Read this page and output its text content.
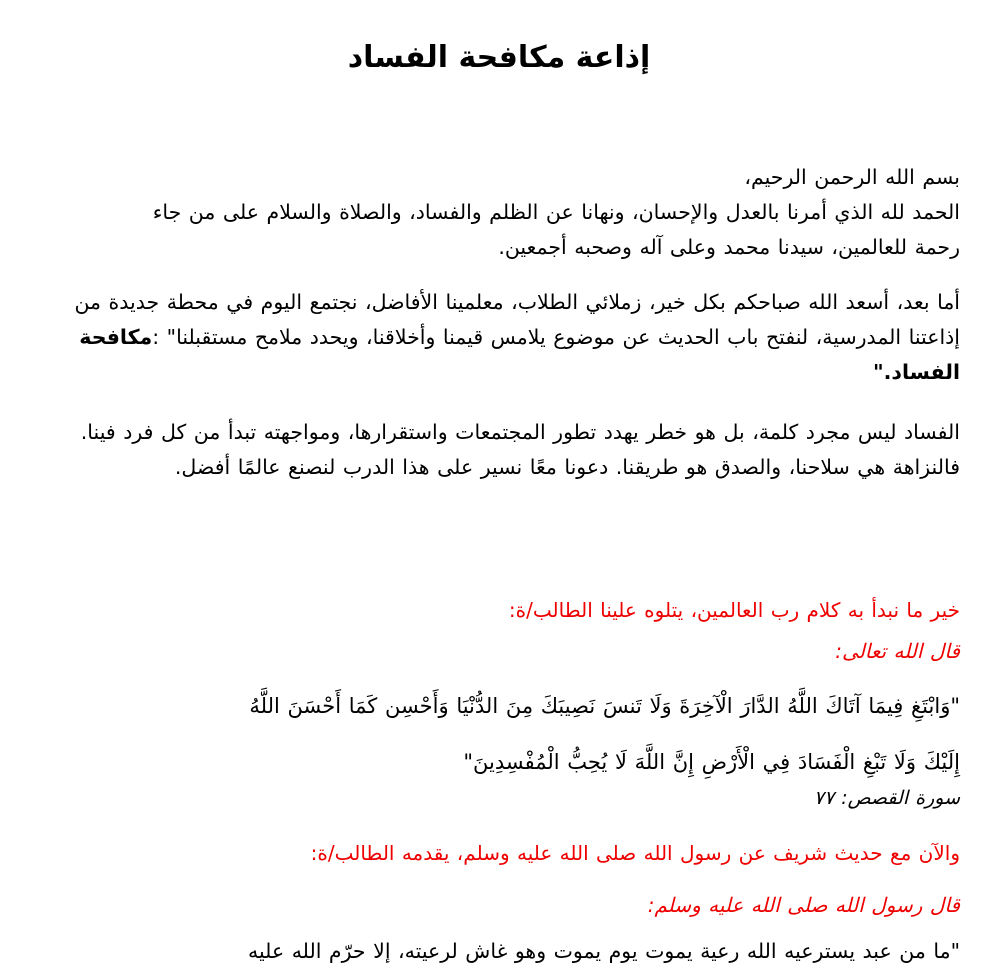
إذاعة مكافحة الفساد

بسم الله الرحمن الرحيم،

الحمد لله الذي أمرنا بالعدل والإحسان، ونهانا عن الظلم والفساد، والصلاة والسلام على من جاء

رحمة للعالمين، سيدنا محمد وعلى آله وصحبه أجمعين.

أما بعد، أسعد الله صباحكم بكل خير، زملائي الطلاب، معلمينا الأفاضل، نجتمع اليوم في محطة جديدة من إذاعتنا المدرسية، لنفتح باب الحديث عن موضوع يلامس قيمنا وأخلاقنا، ويحدد ملامح مستقبلنا" :مكافحة الفساد."

الفساد ليس مجرد كلمة، بل هو خطر يهدد تطور المجتمعات واستقرارها، ومواجهته تبدأ من كل فرد فينا. فالنزاهة هي سلاحنا، والصدق هو طريقنا. دعونا معًا نسير على هذا الدرب لنصنع عالمًا أفضل.

خير ما نبدأ به كلام رب العالمين، يتلوه علينا الطالب/ة:

قال الله تعالى:

"وَابْتَغِ فِيمَا آتَاكَ اللَّهُ الدَّارَ الْآخِرَةَ وَلَا تَنسَ نَصِيبَكَ مِنَ الدُّنْيَا وَأَحْسِن كَمَا أَحْسَنَ اللَّهُ

إِلَيْكَ وَلَا تَبْغِ الْفَسَادَ فِي الْأَرْضِ إِنَّ اللَّهَ لَا يُحِبُّ الْمُفْسِدِينَ"

سورة القصص: ٧٧

والآن مع حديث شريف عن رسول الله صلى الله عليه وسلم، يقدمه الطالب/ة:

قال رسول الله صلى الله عليه وسلم:

"ما من عبد يسترعيه الله رعية يموت يوم يموت وهو غاش لرعيته، إلا حرّم الله عليه
